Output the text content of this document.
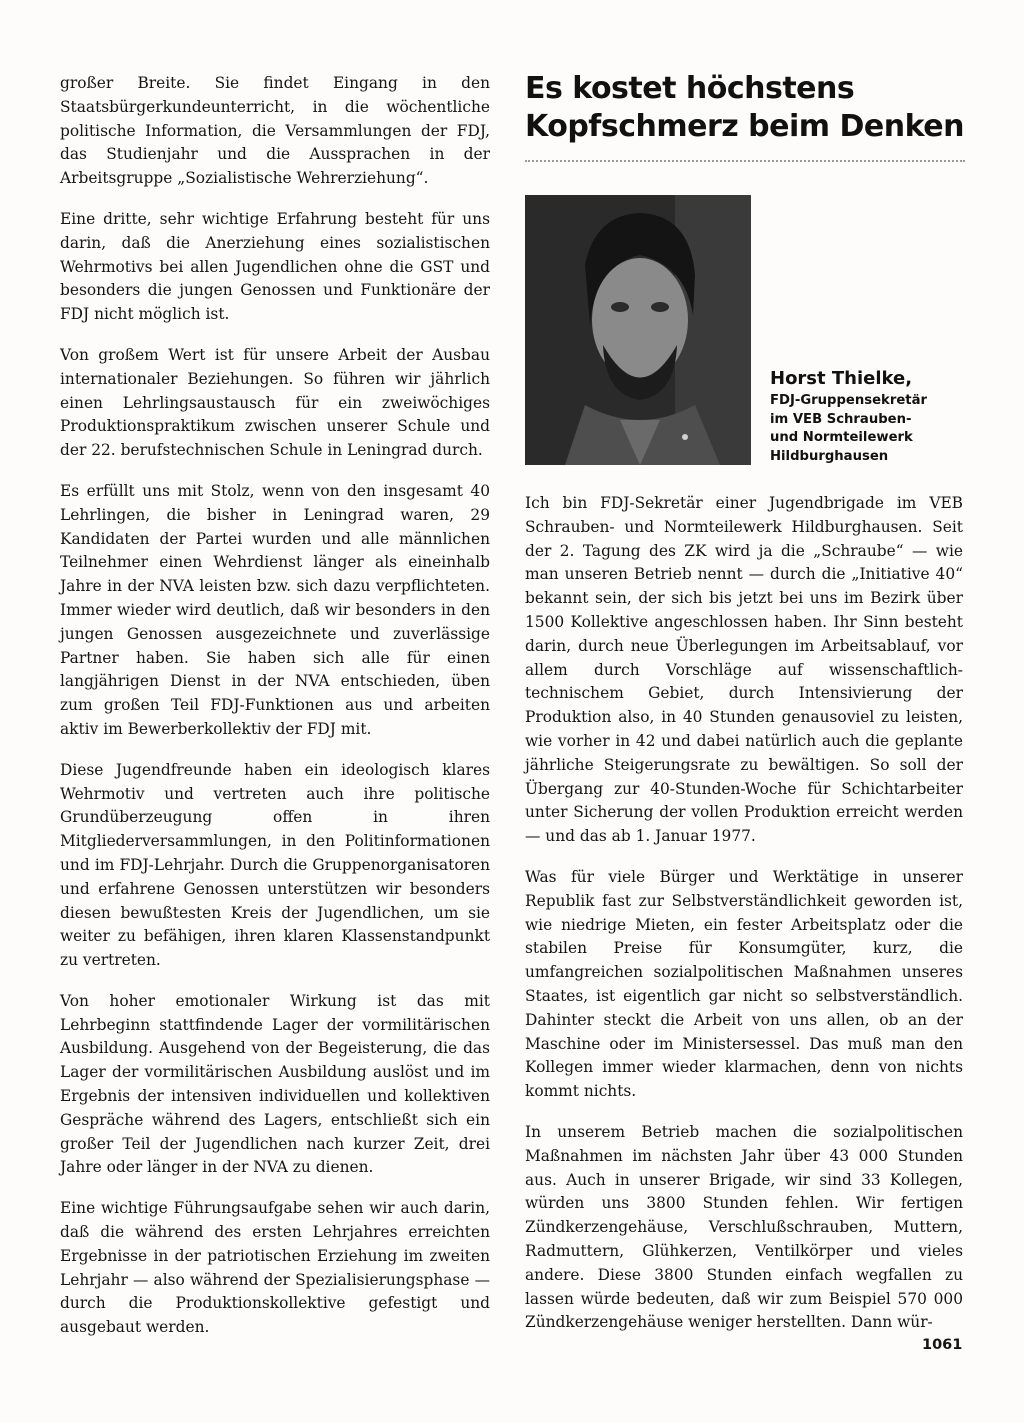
großer Breite. Sie findet Eingang in den Staatsbürgerkundeunterricht, in die wöchentliche politische Information, die Versammlungen der FDJ, das Studienjahr und die Aussprachen in der Arbeitsgruppe „Sozialistische Wehrerziehung“.

Eine dritte, sehr wichtige Erfahrung besteht für uns darin, daß die Anerziehung eines sozialistischen Wehrmotivs bei allen Jugendlichen ohne die GST und besonders die jungen Genossen und Funktionäre der FDJ nicht möglich ist.

Von großem Wert ist für unsere Arbeit der Ausbau internationaler Beziehungen. So führen wir jährlich einen Lehrlingsaustausch für ein zweiwöchiges Produktionspraktikum zwischen unserer Schule und der 22. berufstechnischen Schule in Leningrad durch.

Es erfüllt uns mit Stolz, wenn von den insgesamt 40 Lehrlingen, die bisher in Leningrad waren, 29 Kandidaten der Partei wurden und alle männlichen Teilnehmer einen Wehrdienst länger als eineinhalb Jahre in der NVA leisten bzw. sich dazu verpflichteten. Immer wieder wird deutlich, daß wir besonders in den jungen Genossen ausgezeichnete und zuverlässige Partner haben. Sie haben sich alle für einen langjährigen Dienst in der NVA entschieden, üben zum großen Teil FDJ-Funktionen aus und arbeiten aktiv im Bewerberkollektiv der FDJ mit.

Diese Jugendfreunde haben ein ideologisch klares Wehrmotiv und vertreten auch ihre politische Grundüberzeugung offen in ihren Mitgliederversammlungen, in den Politinformationen und im FDJ-Lehrjahr. Durch die Gruppenorganisatoren und erfahrene Genossen unterstützen wir besonders diesen bewußtesten Kreis der Jugendlichen, um sie weiter zu befähigen, ihren klaren Klassenstandpunkt zu vertreten.

Von hoher emotionaler Wirkung ist das mit Lehrbeginn stattfindende Lager der vormilitärischen Ausbildung. Ausgehend von der Begeisterung, die das Lager der vormilitärischen Ausbildung auslöst und im Ergebnis der intensiven individuellen und kollektiven Gespräche während des Lagers, entschließt sich ein großer Teil der Jugendlichen nach kurzer Zeit, drei Jahre oder länger in der NVA zu dienen.

Eine wichtige Führungsaufgabe sehen wir auch darin, daß die während des ersten Lehrjahres erreichten Ergebnisse in der patriotischen Erziehung im zweiten Lehrjahr — also während der Spezialisierungsphase — durch die Produktionskollektive gefestigt und ausgebaut werden.

Es kostet höchstens
Kopfschmerz beim Denken
Horst Thielke,
FDJ-Gruppensekretär
im VEB Schrauben-
und Normteilewerk
Hildburghausen

Ich bin FDJ-Sekretär einer Jugendbrigade im VEB Schrauben- und Normteilewerk Hildburghausen. Seit der 2. Tagung des ZK wird ja die „Schraube“ — wie man unseren Betrieb nennt — durch die „Initiative 40“ bekannt sein, der sich bis jetzt bei uns im Bezirk über 1500 Kollektive angeschlossen haben. Ihr Sinn besteht darin, durch neue Überlegungen im Arbeitsablauf, vor allem durch Vorschläge auf wissenschaftlich-technischem Gebiet, durch Intensivierung der Produktion also, in 40 Stunden genausoviel zu leisten, wie vorher in 42 und dabei natürlich auch die geplante jährliche Steigerungsrate zu bewältigen. So soll der Übergang zur 40-Stunden-Woche für Schichtarbeiter unter Sicherung der vollen Produktion erreicht werden — und das ab 1. Januar 1977.

Was für viele Bürger und Werktätige in unserer Republik fast zur Selbstverständlichkeit geworden ist, wie niedrige Mieten, ein fester Arbeitsplatz oder die stabilen Preise für Konsumgüter, kurz, die umfangreichen sozialpolitischen Maßnahmen unseres Staates, ist eigentlich gar nicht so selbstverständlich. Dahinter steckt die Arbeit von uns allen, ob an der Maschine oder im Ministersessel. Das muß man den Kollegen immer wieder klarmachen, denn von nichts kommt nichts.

In unserem Betrieb machen die sozialpolitischen Maßnahmen im nächsten Jahr über 43 000 Stunden aus. Auch in unserer Brigade, wir sind 33 Kollegen, würden uns 3800 Stunden fehlen. Wir fertigen Zündkerzengehäuse, Verschlußschrauben, Muttern, Radmuttern, Glühkerzen, Ventilkörper und vieles andere. Diese 3800 Stunden einfach wegfallen zu lassen würde bedeuten, daß wir zum Beispiel 570 000 Zündkerzengehäuse weniger herstellten. Dann wür-

1061
